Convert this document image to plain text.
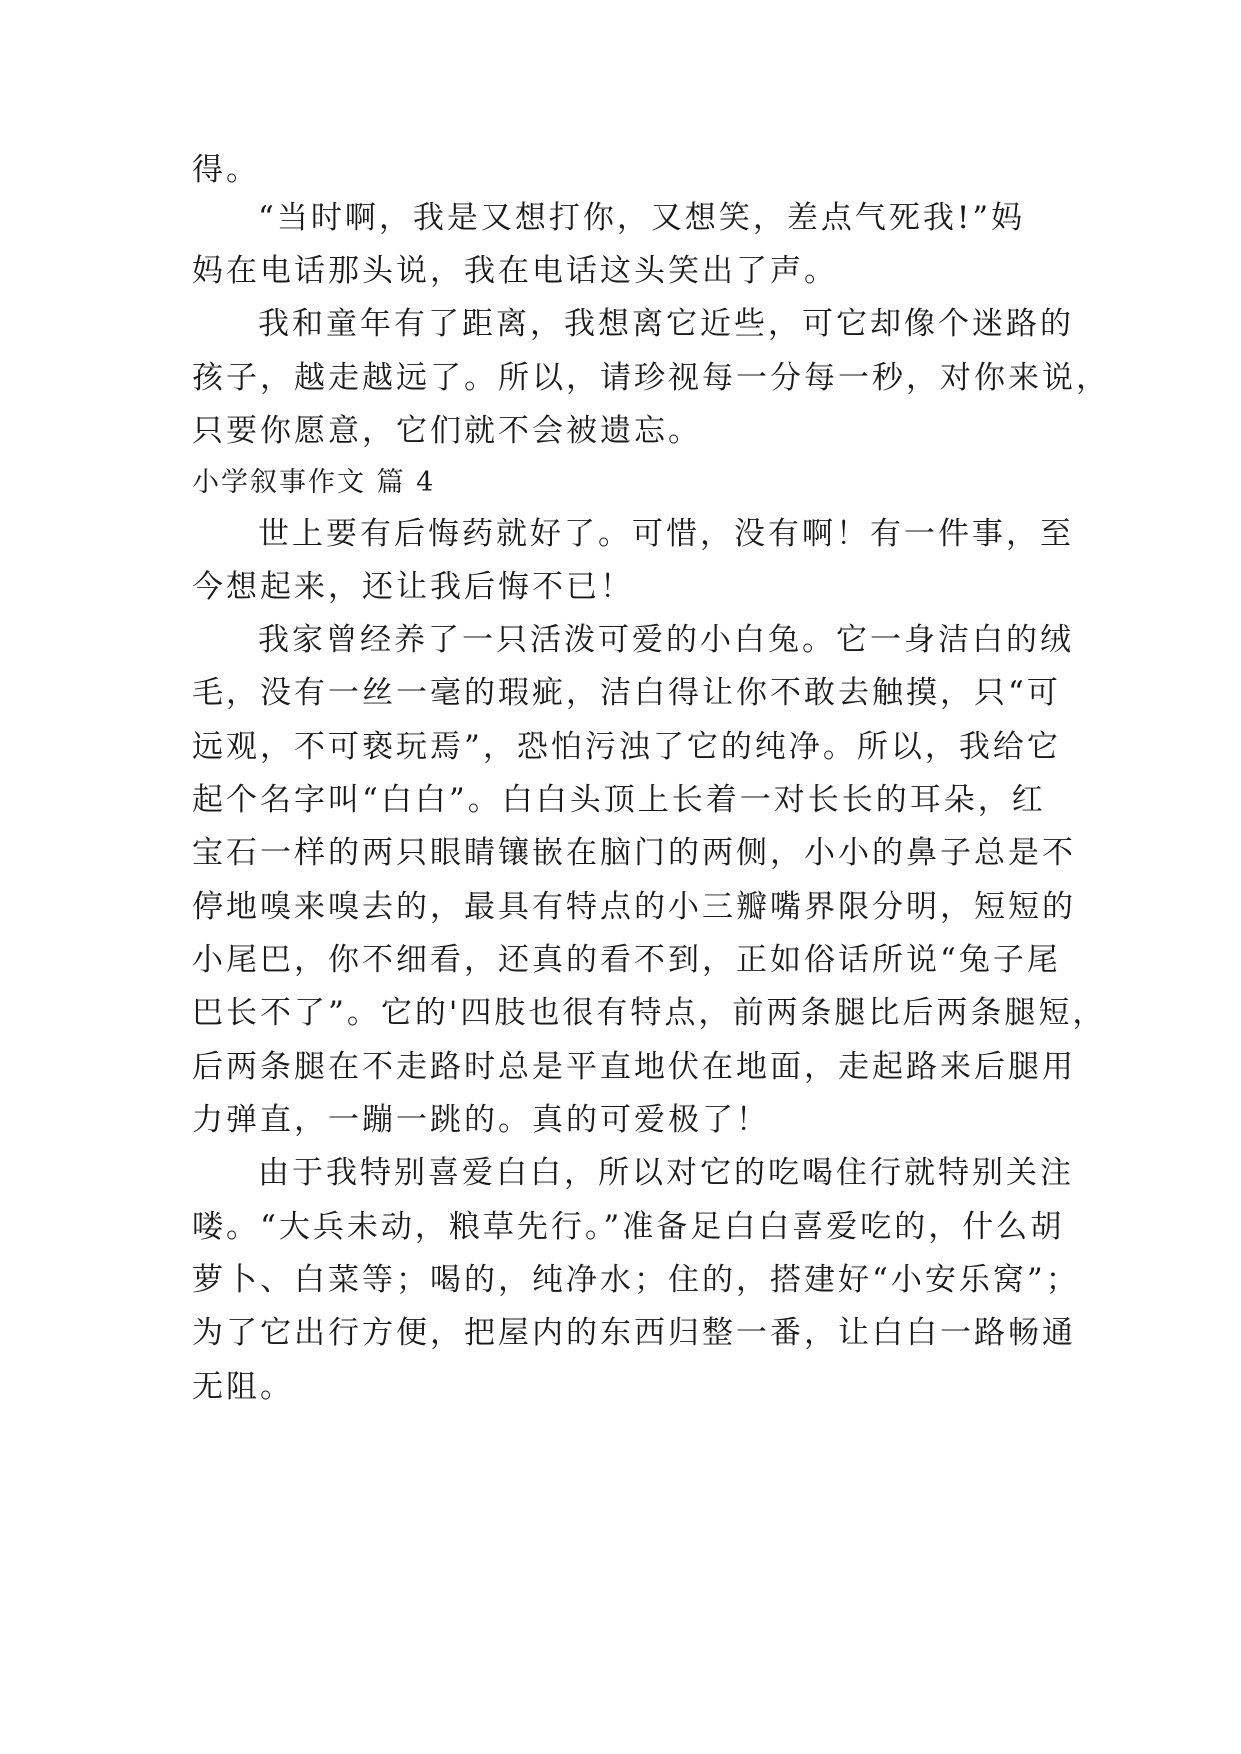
得。
“当时啊，我是又想打你，又想笑，差点气死我!”妈
妈在电话那头说，我在电话这头笑出了声。
我和童年有了距离，我想离它近些，可它却像个迷路的
孩子，越走越远了。所以，请珍视每一分每一秒，对你来说，
只要你愿意，它们就不会被遗忘。
小学叙事作文 篇 4
世上要有后悔药就好了。可惜，没有啊！有一件事，至
今想起来，还让我后悔不已！
我家曾经养了一只活泼可爱的小白兔。它一身洁白的绒
毛，没有一丝一毫的瑕疵，洁白得让你不敢去触摸，只“可
远观，不可亵玩焉”，恐怕污浊了它的纯净。所以，我给它
起个名字叫“白白”。白白头顶上长着一对长长的耳朵，红
宝石一样的两只眼睛镶嵌在脑门的两侧，小小的鼻子总是不
停地嗅来嗅去的，最具有特点的小三瓣嘴界限分明，短短的
小尾巴，你不细看，还真的看不到，正如俗话所说“兔子尾
巴长不了”。它的'四肢也很有特点，前两条腿比后两条腿短，
后两条腿在不走路时总是平直地伏在地面，走起路来后腿用
力弹直，一蹦一跳的。真的可爱极了！
由于我特别喜爱白白，所以对它的吃喝住行就特别关注
喽。“大兵未动，粮草先行。”准备足白白喜爱吃的，什么胡
萝卜、白菜等；喝的，纯净水；住的，搭建好“小安乐窝”；
为了它出行方便，把屋内的东西归整一番，让白白一路畅通
无阻。
